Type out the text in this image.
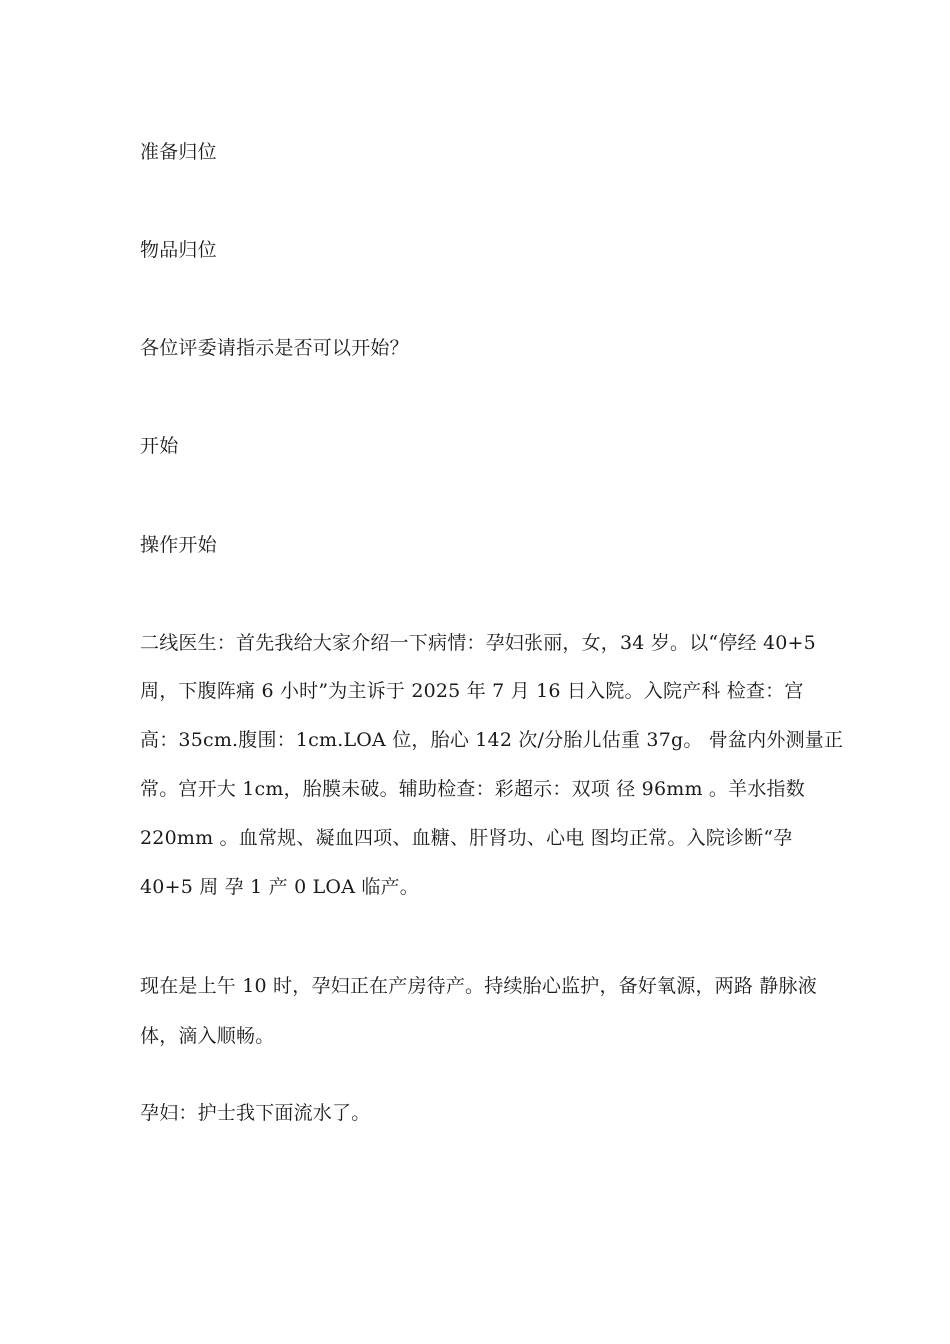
准备归位

物品归位

各位评委请指示是否可以开始？

开始

操作开始

二线医生：首先我给大家介绍一下病情：孕妇张丽，女，34 岁。以“停经 40+5

周，下腹阵痛 6 小时”为主诉于 2025 年 7 月 16 日入院。入院产科 检查：宫

高：35cm.腹围：1cm.LOA 位，胎心 142 次/分胎儿估重 37g。 骨盆内外测量正

常。宫开大 1cm，胎膜未破。辅助检查：彩超示：双项 径 96mm 。羊水指数

220mm 。血常规、凝血四项、血糖、肝肾功、心电 图均正常。入院诊断“孕

40+5 周 孕 1 产 0 LOA 临产。

现在是上午 10 时，孕妇正在产房待产。持续胎心监护，备好氧源，两路 静脉液

体，滴入顺畅。

孕妇：护士我下面流水了。
